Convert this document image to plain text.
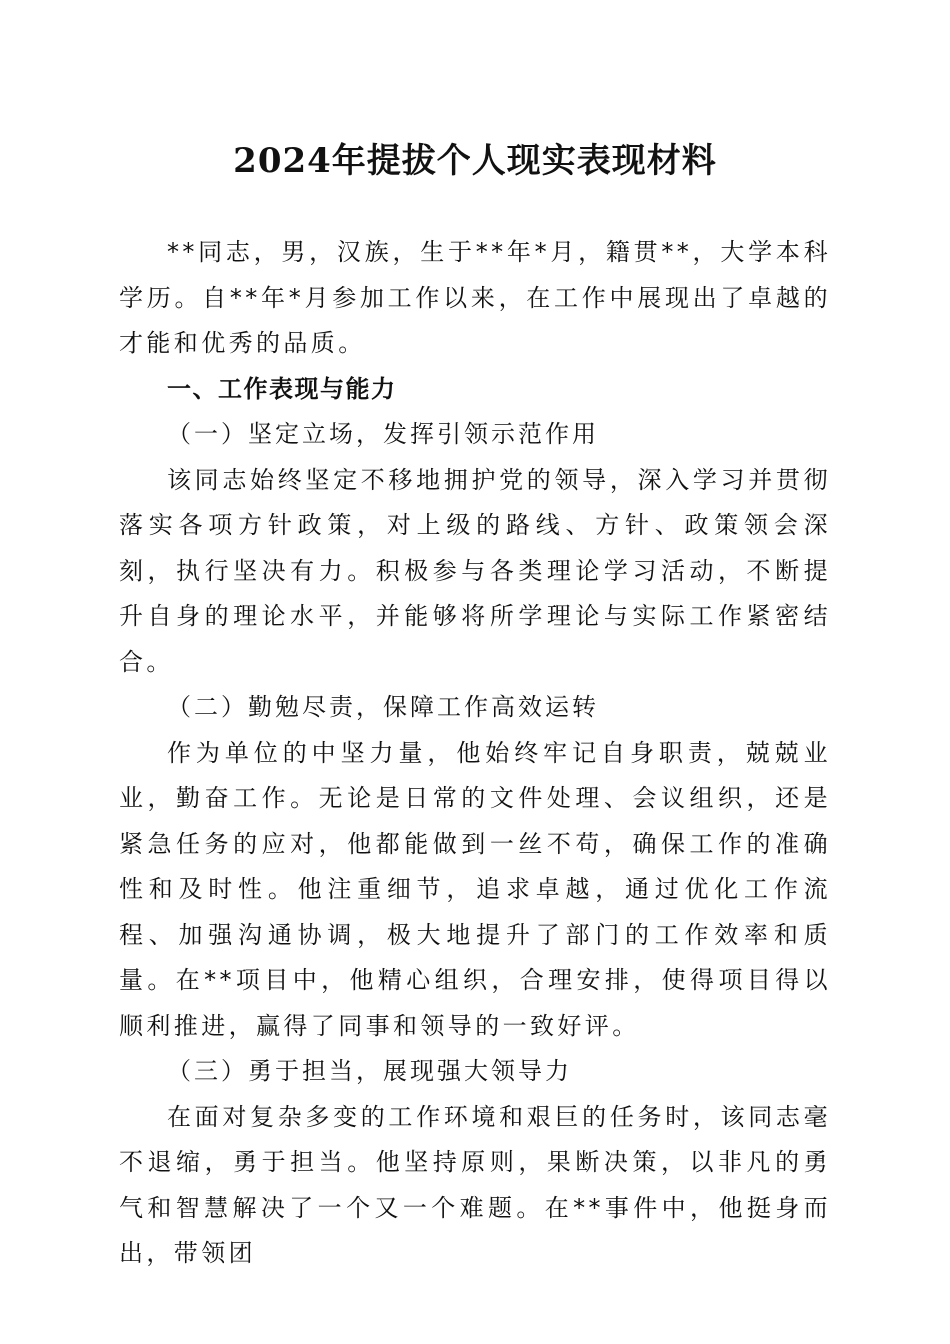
2024年提拔个人现实表现材料

**同志，男，汉族，生于**年*月，籍贯**，大学本科学历。自**年*月参加工作以来，在工作中展现出了卓越的才能和优秀的品质。

一、工作表现与能力

（一）坚定立场，发挥引领示范作用

该同志始终坚定不移地拥护党的领导，深入学习并贯彻落实各项方针政策，对上级的路线、方针、政策领会深刻，执行坚决有力。积极参与各类理论学习活动，不断提升自身的理论水平，并能够将所学理论与实际工作紧密结合。

（二）勤勉尽责，保障工作高效运转

作为单位的中坚力量，他始终牢记自身职责，兢兢业业，勤奋工作。无论是日常的文件处理、会议组织，还是紧急任务的应对，他都能做到一丝不苟，确保工作的准确性和及时性。他注重细节，追求卓越，通过优化工作流程、加强沟通协调，极大地提升了部门的工作效率和质量。在**项目中，他精心组织，合理安排，使得项目得以顺利推进，赢得了同事和领导的一致好评。

（三）勇于担当，展现强大领导力

在面对复杂多变的工作环境和艰巨的任务时，该同志毫不退缩，勇于担当。他坚持原则，果断决策，以非凡的勇气和智慧解决了一个又一个难题。在**事件中，他挺身而出，带领团
